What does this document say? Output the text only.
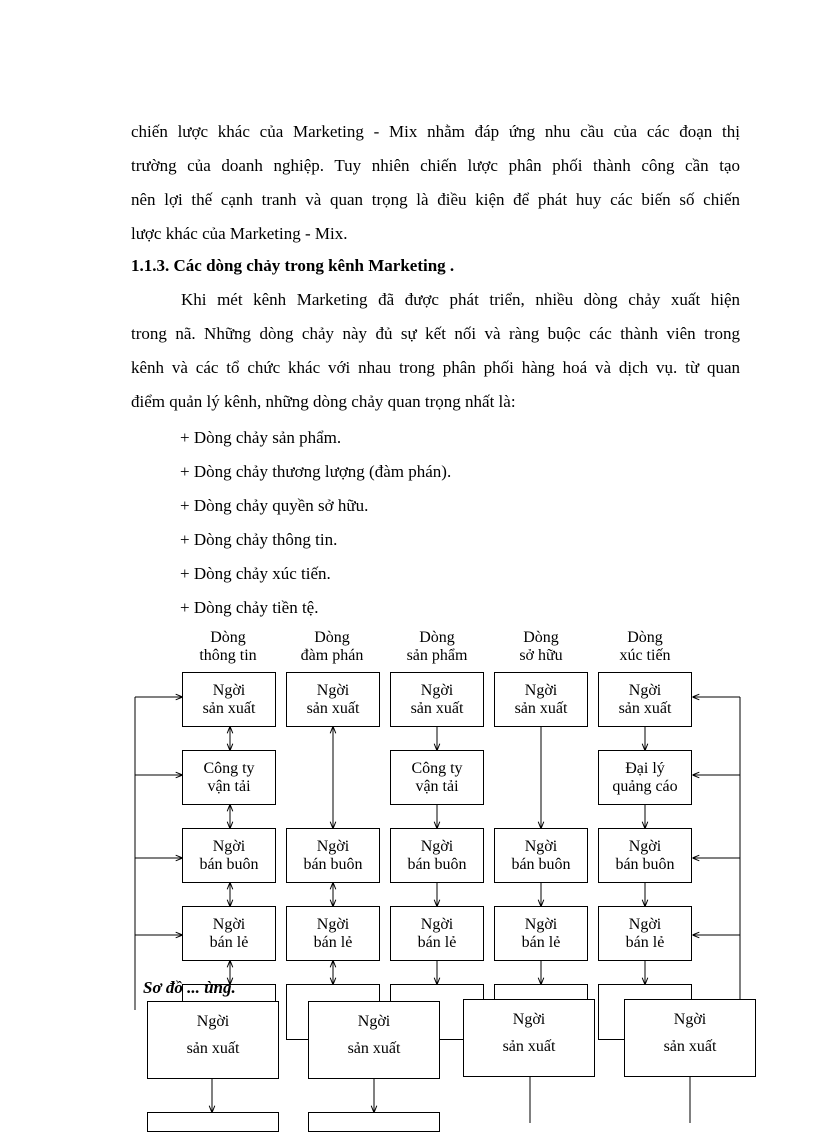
chiến lược khác của Marketing - Mix nhằm đáp ứng nhu cầu của các đoạn thị
trường của doanh nghiệp. Tuy nhiên chiến lược phân phối thành công cần tạo
nên lợi thế cạnh tranh và quan trọng là điều kiện để phát huy các biến số chiến
lược khác của Marketing - Mix.
1.1.3. Các dòng chảy trong kênh Marketing .
Khi mét kênh Marketing đã được phát triển, nhiều dòng chảy xuất hiện
trong nã. Những dòng chảy này đủ sự kết nối và ràng buộc các thành viên trong
kênh và các tổ chức khác với nhau trong phân phối hàng hoá và dịch vụ. từ quan
điểm quản lý kênh, những dòng chảy quan trọng nhất là:
+ Dòng chảy sản phẩm.
+ Dòng chảy thương lượng (đàm phán).
+ Dòng chảy quyền sở hữu.
+ Dòng chảy thông tin.
+ Dòng chảy xúc tiến.
+ Dòng chảy tiền tệ.
Dòng
thông tin
Dòng
đàm phán
Dòng
sản phẩm
Dòng
sở hữu
Dòng
xúc tiến
Ngời
sản xuất
Ngời
sản xuất
Ngời
sản xuất
Ngời
sản xuất
Ngời
sản xuất
Công ty
vận tải
Công ty
vận tải
Đại lý
quảng cáo
Ngời
bán buôn
Ngời
bán buôn
Ngời
bán buôn
Ngời
bán buôn
Ngời
bán buôn
Ngời
bán lẻ
Ngời
bán lẻ
Ngời
bán lẻ
Ngời
bán lẻ
Ngời
bán lẻ
Sơ đồ ... ùng.
Ngời
sản xuất
Ngời
sản xuất
Ngời
sản xuất
Ngời
sản xuất
